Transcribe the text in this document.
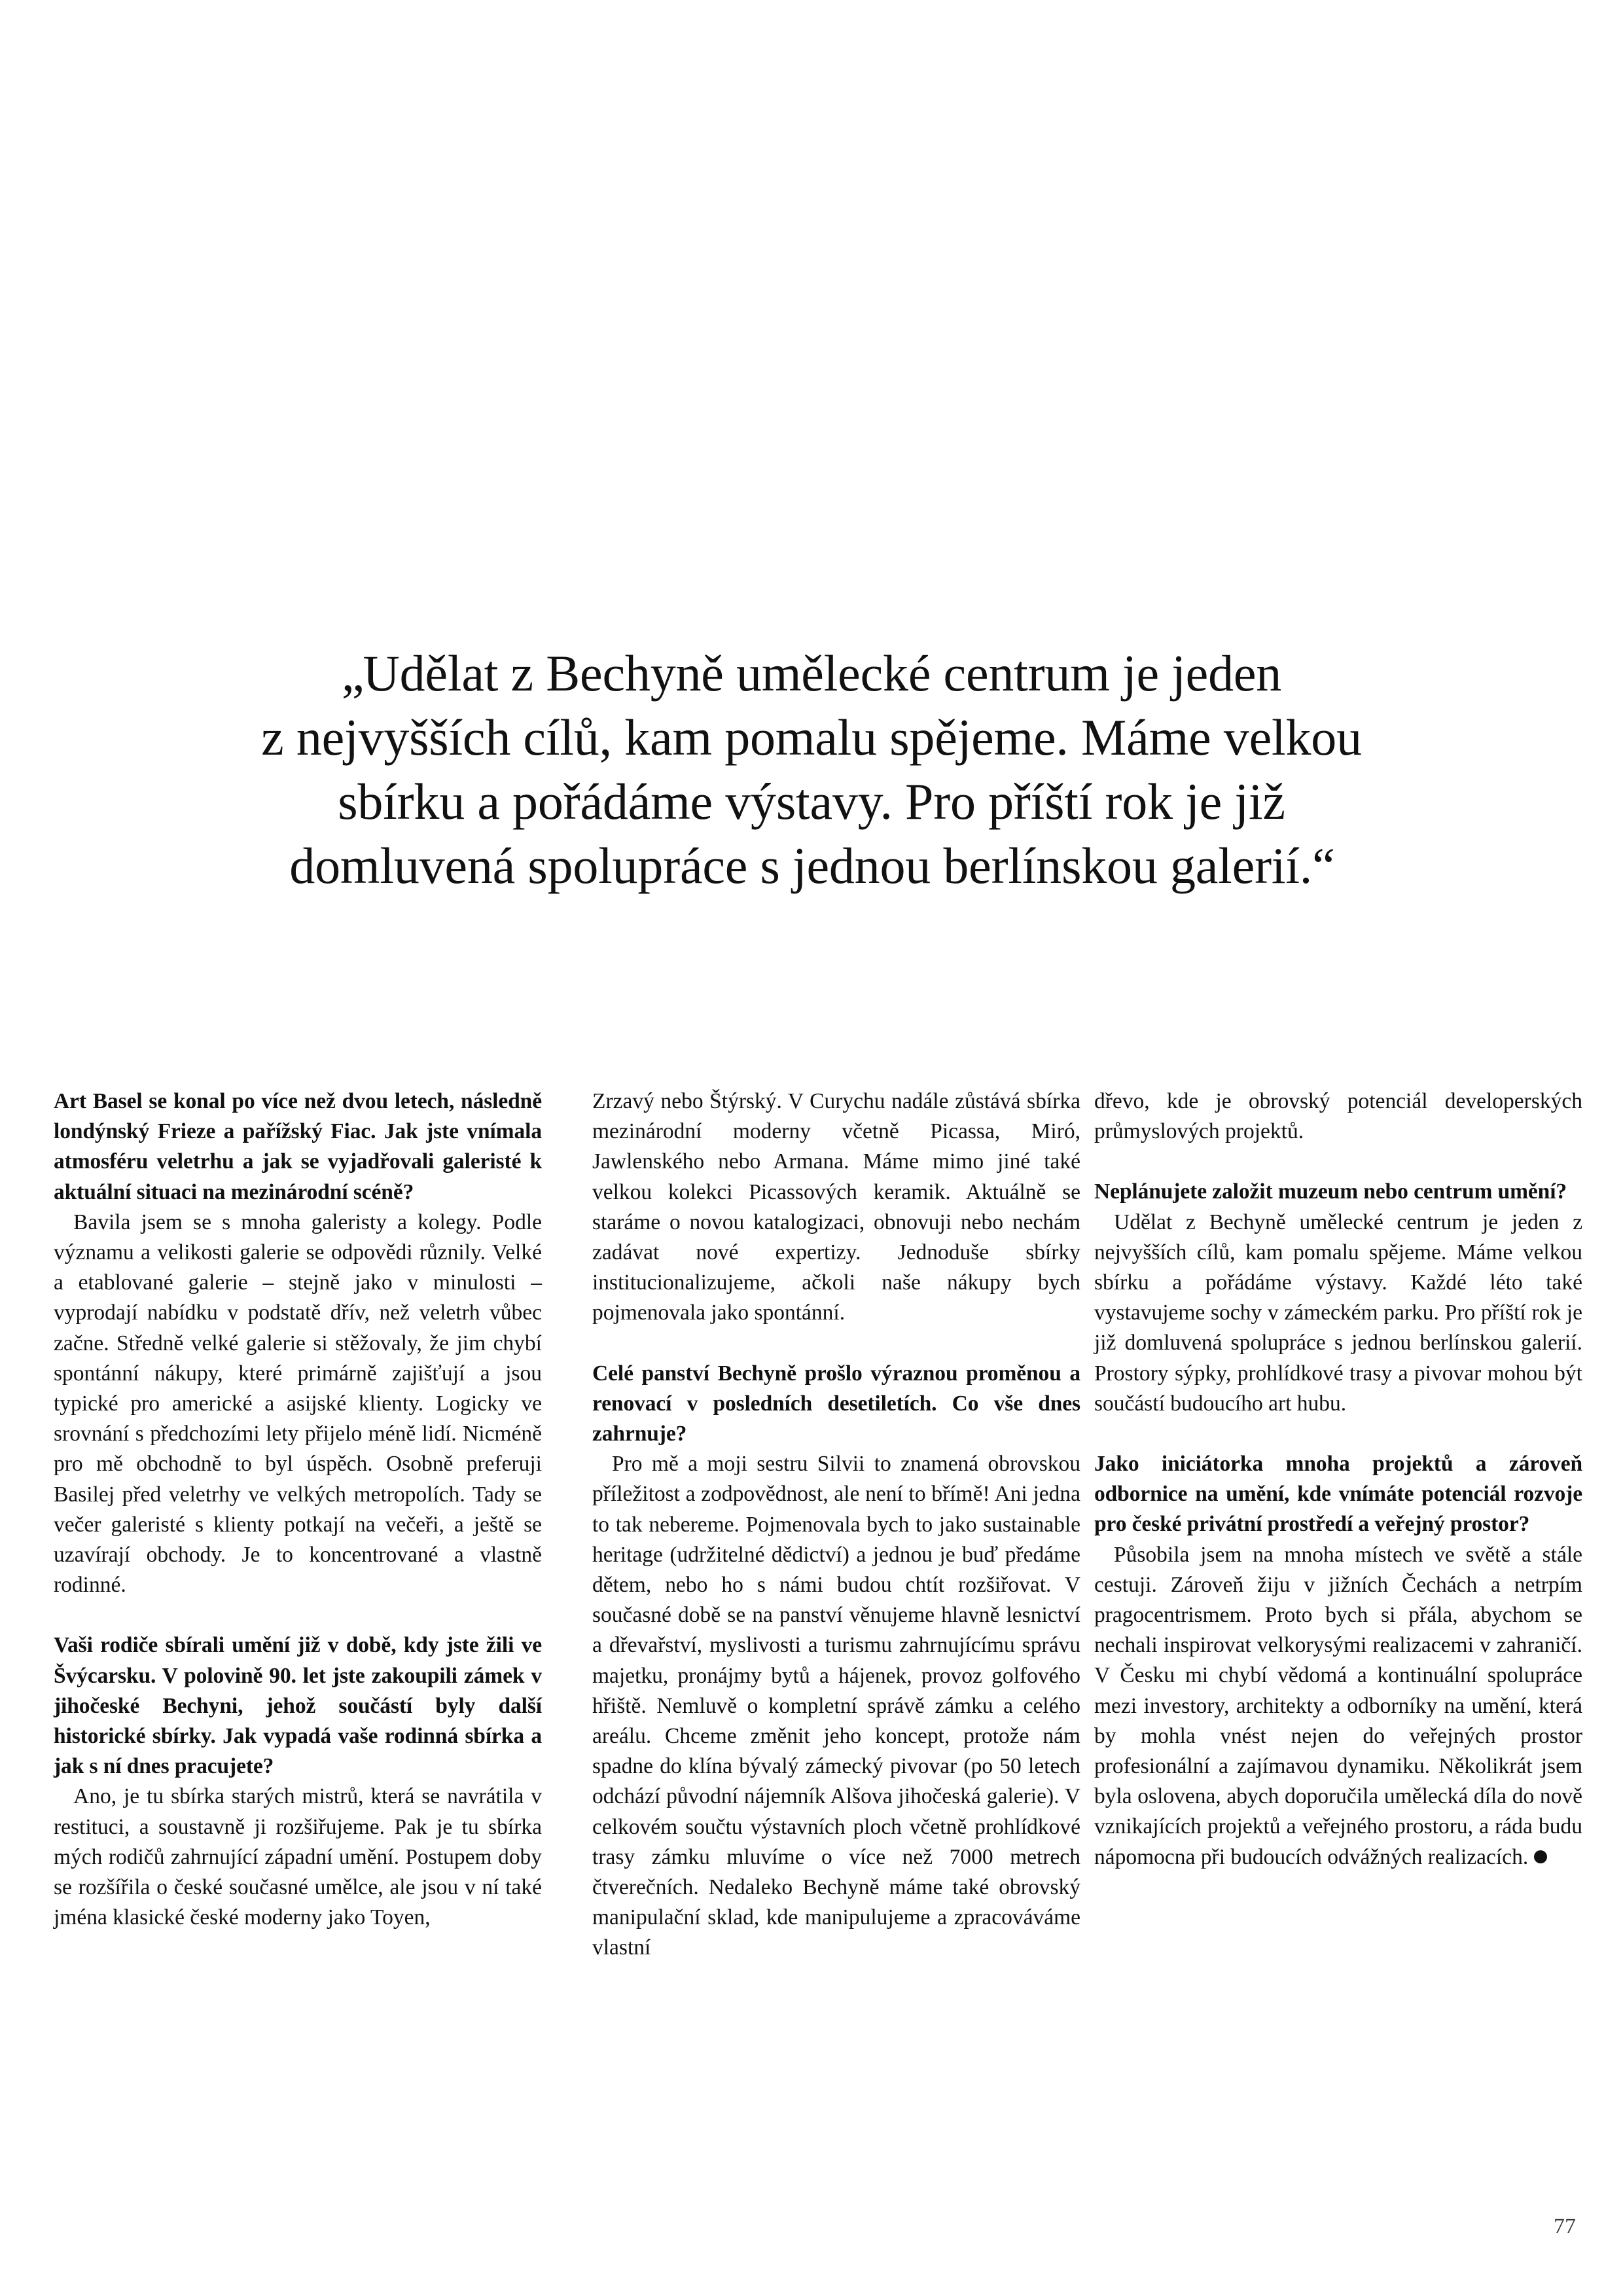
„Udělat z Bechyně umělecké centrum je jeden
z nejvyšších cílů, kam pomalu spějeme. Máme velkou
sbírku a pořádáme výstavy. Pro příští rok je již
domluvená spolupráce s jednou berlínskou galerií.“

Art Basel se konal po více než dvou letech, následně londýnský Frieze a pařížský Fiac. Jak jste vnímala atmosféru veletrhu a jak se vyjadřovali galeristé k aktuální situaci na mezinárodní scéně?

Bavila jsem se s mnoha galeristy a kolegy. Podle významu a velikosti galerie se odpovědi různily. Velké a etablované galerie – stejně jako v minulosti – vyprodají nabídku v podstatě dřív, než veletrh vůbec začne. Středně velké galerie si stěžovaly, že jim chybí spontánní nákupy, které primárně zajišťují a jsou typické pro americké a asijské klienty. Logicky ve srovnání s předchozími lety přijelo méně lidí. Nicméně pro mě obchodně to byl úspěch. Osobně preferuji Basilej před veletrhy ve velkých metropolích. Tady se večer galeristé s klienty potkají na večeři, a ještě se uzavírají obchody. Je to koncentrované a vlastně rodinné.

Vaši rodiče sbírali umění již v době, kdy jste žili ve Švýcarsku. V polovině 90. let jste zakoupili zámek v jihočeské Bechyni, jehož součástí byly další historické sbírky. Jak vypadá vaše rodinná sbírka a jak s ní dnes pracujete?

Ano, je tu sbírka starých mistrů, která se navrátila v restituci, a soustavně ji rozšiřujeme. Pak je tu sbírka mých rodičů zahrnující západní umění. Postupem doby se rozšířila o české současné umělce, ale jsou v ní také jména klasické české moderny jako Toyen,

Zrzavý nebo Štýrský. V Curychu nadále zůstává sbírka mezinárodní moderny včetně Picassa, Miró, Jawlenského nebo Armana. Máme mimo jiné také velkou kolekci Picassových keramik. Aktuálně se staráme o novou katalogizaci, obnovuji nebo nechám zadávat nové expertizy. Jednoduše sbírky institucionalizujeme, ačkoli naše nákupy bych pojmenovala jako spontánní.

Celé panství Bechyně prošlo výraznou proměnou a renovací v posledních desetiletích. Co vše dnes zahrnuje?

Pro mě a moji sestru Silvii to znamená obrovskou příležitost a zodpovědnost, ale není to břímě! Ani jedna to tak nebereme. Pojmenovala bych to jako sustainable heritage (udržitelné dědictví) a jednou je buď předáme dětem, nebo ho s námi budou chtít rozšiřovat. V současné době se na panství věnujeme hlavně lesnictví a dřevařství, myslivosti a turismu zahrnujícímu správu majetku, pronájmy bytů a hájenek, provoz golfového hřiště. Nemluvě o kompletní správě zámku a celého areálu. Chceme změnit jeho koncept, protože nám spadne do klína bývalý zámecký pivovar (po 50 letech odchází původní nájemník Alšova jihočeská galerie). V celkovém součtu výstavních ploch včetně prohlídkové trasy zámku mluvíme o více než 7000 metrech čtverečních. Nedaleko Bechyně máme také obrovský manipulační sklad, kde manipulujeme a zpracováváme vlastní

dřevo, kde je obrovský potenciál developerských průmyslových projektů.

Neplánujete založit muzeum nebo centrum umění?

Udělat z Bechyně umělecké centrum je jeden z nejvyšších cílů, kam pomalu spějeme. Máme velkou sbírku a pořádáme výstavy. Každé léto také vystavujeme sochy v zámeckém parku. Pro příští rok je již domluvená spolupráce s jednou berlínskou galerií. Prostory sýpky, prohlídkové trasy a pivovar mohou být součástí budoucího art hubu.

Jako iniciátorka mnoha projektů a zároveň odbornice na umění, kde vnímáte potenciál rozvoje pro české privátní prostředí a veřejný prostor?

Působila jsem na mnoha místech ve světě a stále cestuji. Zároveň žiju v jižních Čechách a netrpím pragocentrismem. Proto bych si přála, abychom se nechali inspirovat velkorysými realizacemi v zahraničí. V Česku mi chybí vědomá a kontinuální spolupráce mezi investory, architekty a odborníky na umění, která by mohla vnést nejen do veřejných prostor profesionální a zajímavou dynamiku. Několikrát jsem byla oslovena, abych doporučila umělecká díla do nově vznikajících projektů a veřejného prostoru, a ráda budu nápomocna při budoucích odvážných realizacích.

77
